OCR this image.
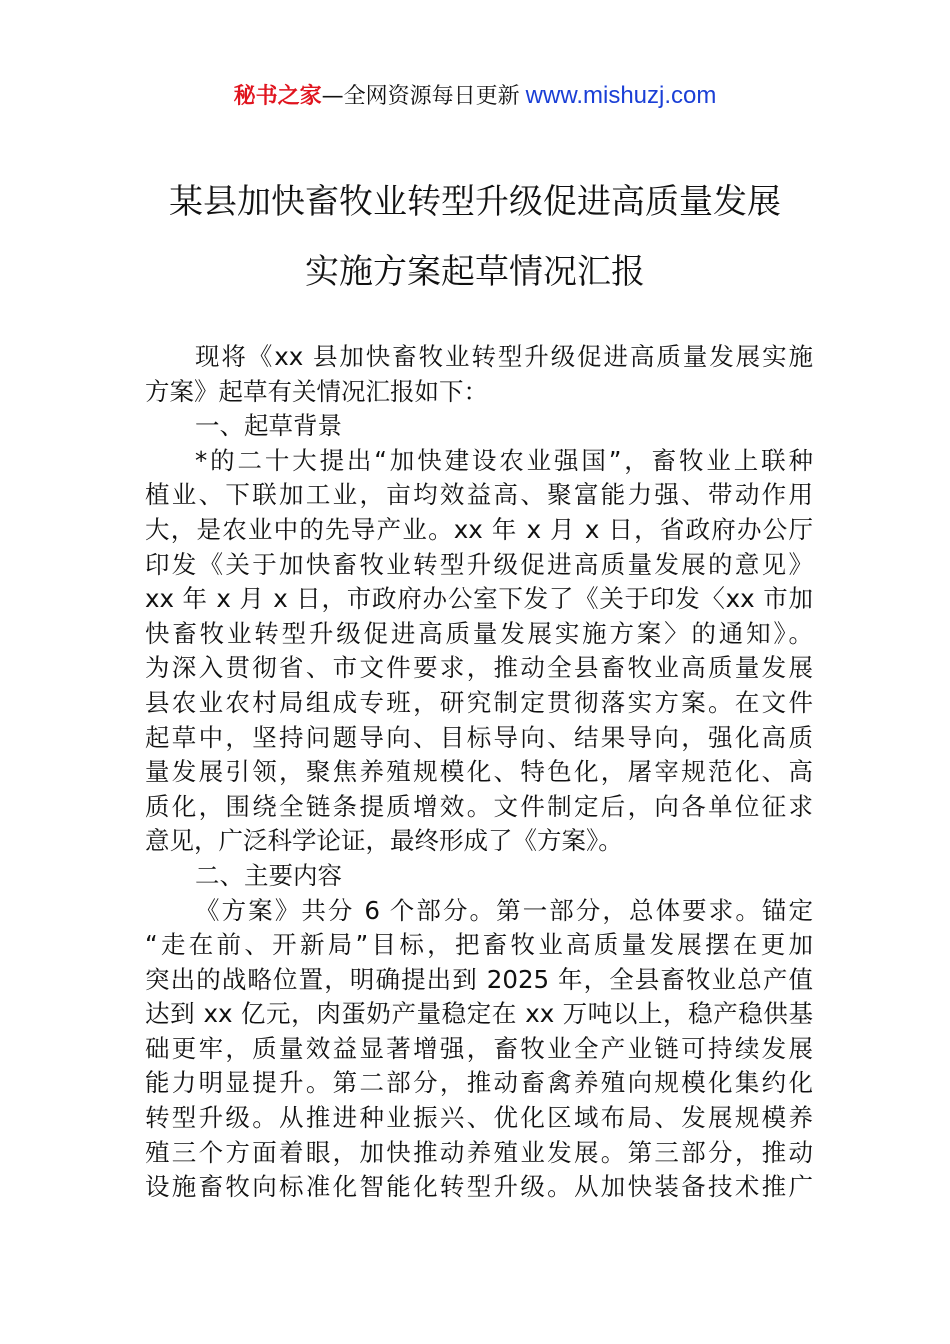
秘书之家—全网资源每日更新 www.mishuzj.com
某县加快畜牧业转型升级促进高质量发展
实施方案起草情况汇报
现将《xx 县加快畜牧业转型升级促进高质量发展实施
方案》起草有关情况汇报如下：
一、起草背景
*的二十大提出“加快建设农业强国”，畜牧业上联种
植业、下联加工业，亩均效益高、聚富能力强、带动作用
大，是农业中的先导产业。xx 年 x 月 x 日，省政府办公厅
印发《关于加快畜牧业转型升级促进高质量发展的意见》
xx 年 x 月 x 日，市政府办公室下发了《关于印发〈xx 市加
快畜牧业转型升级促进高质量发展实施方案〉的通知》。
为深入贯彻省、市文件要求，推动全县畜牧业高质量发展
县农业农村局组成专班，研究制定贯彻落实方案。在文件
起草中，坚持问题导向、目标导向、结果导向，强化高质
量发展引领，聚焦养殖规模化、特色化，屠宰规范化、高
质化，围绕全链条提质增效。文件制定后，向各单位征求
意见，广泛科学论证，最终形成了《方案》。
二、主要内容
《方案》共分 6 个部分。第一部分，总体要求。锚定
“走在前、开新局”目标，把畜牧业高质量发展摆在更加
突出的战略位置，明确提出到 2025 年，全县畜牧业总产值
达到 xx 亿元，肉蛋奶产量稳定在 xx 万吨以上，稳产稳供基
础更牢，质量效益显著增强，畜牧业全产业链可持续发展
能力明显提升。第二部分，推动畜禽养殖向规模化集约化
转型升级。从推进种业振兴、优化区域布局、发展规模养
殖三个方面着眼，加快推动养殖业发展。第三部分，推动
设施畜牧向标准化智能化转型升级。从加快装备技术推广
